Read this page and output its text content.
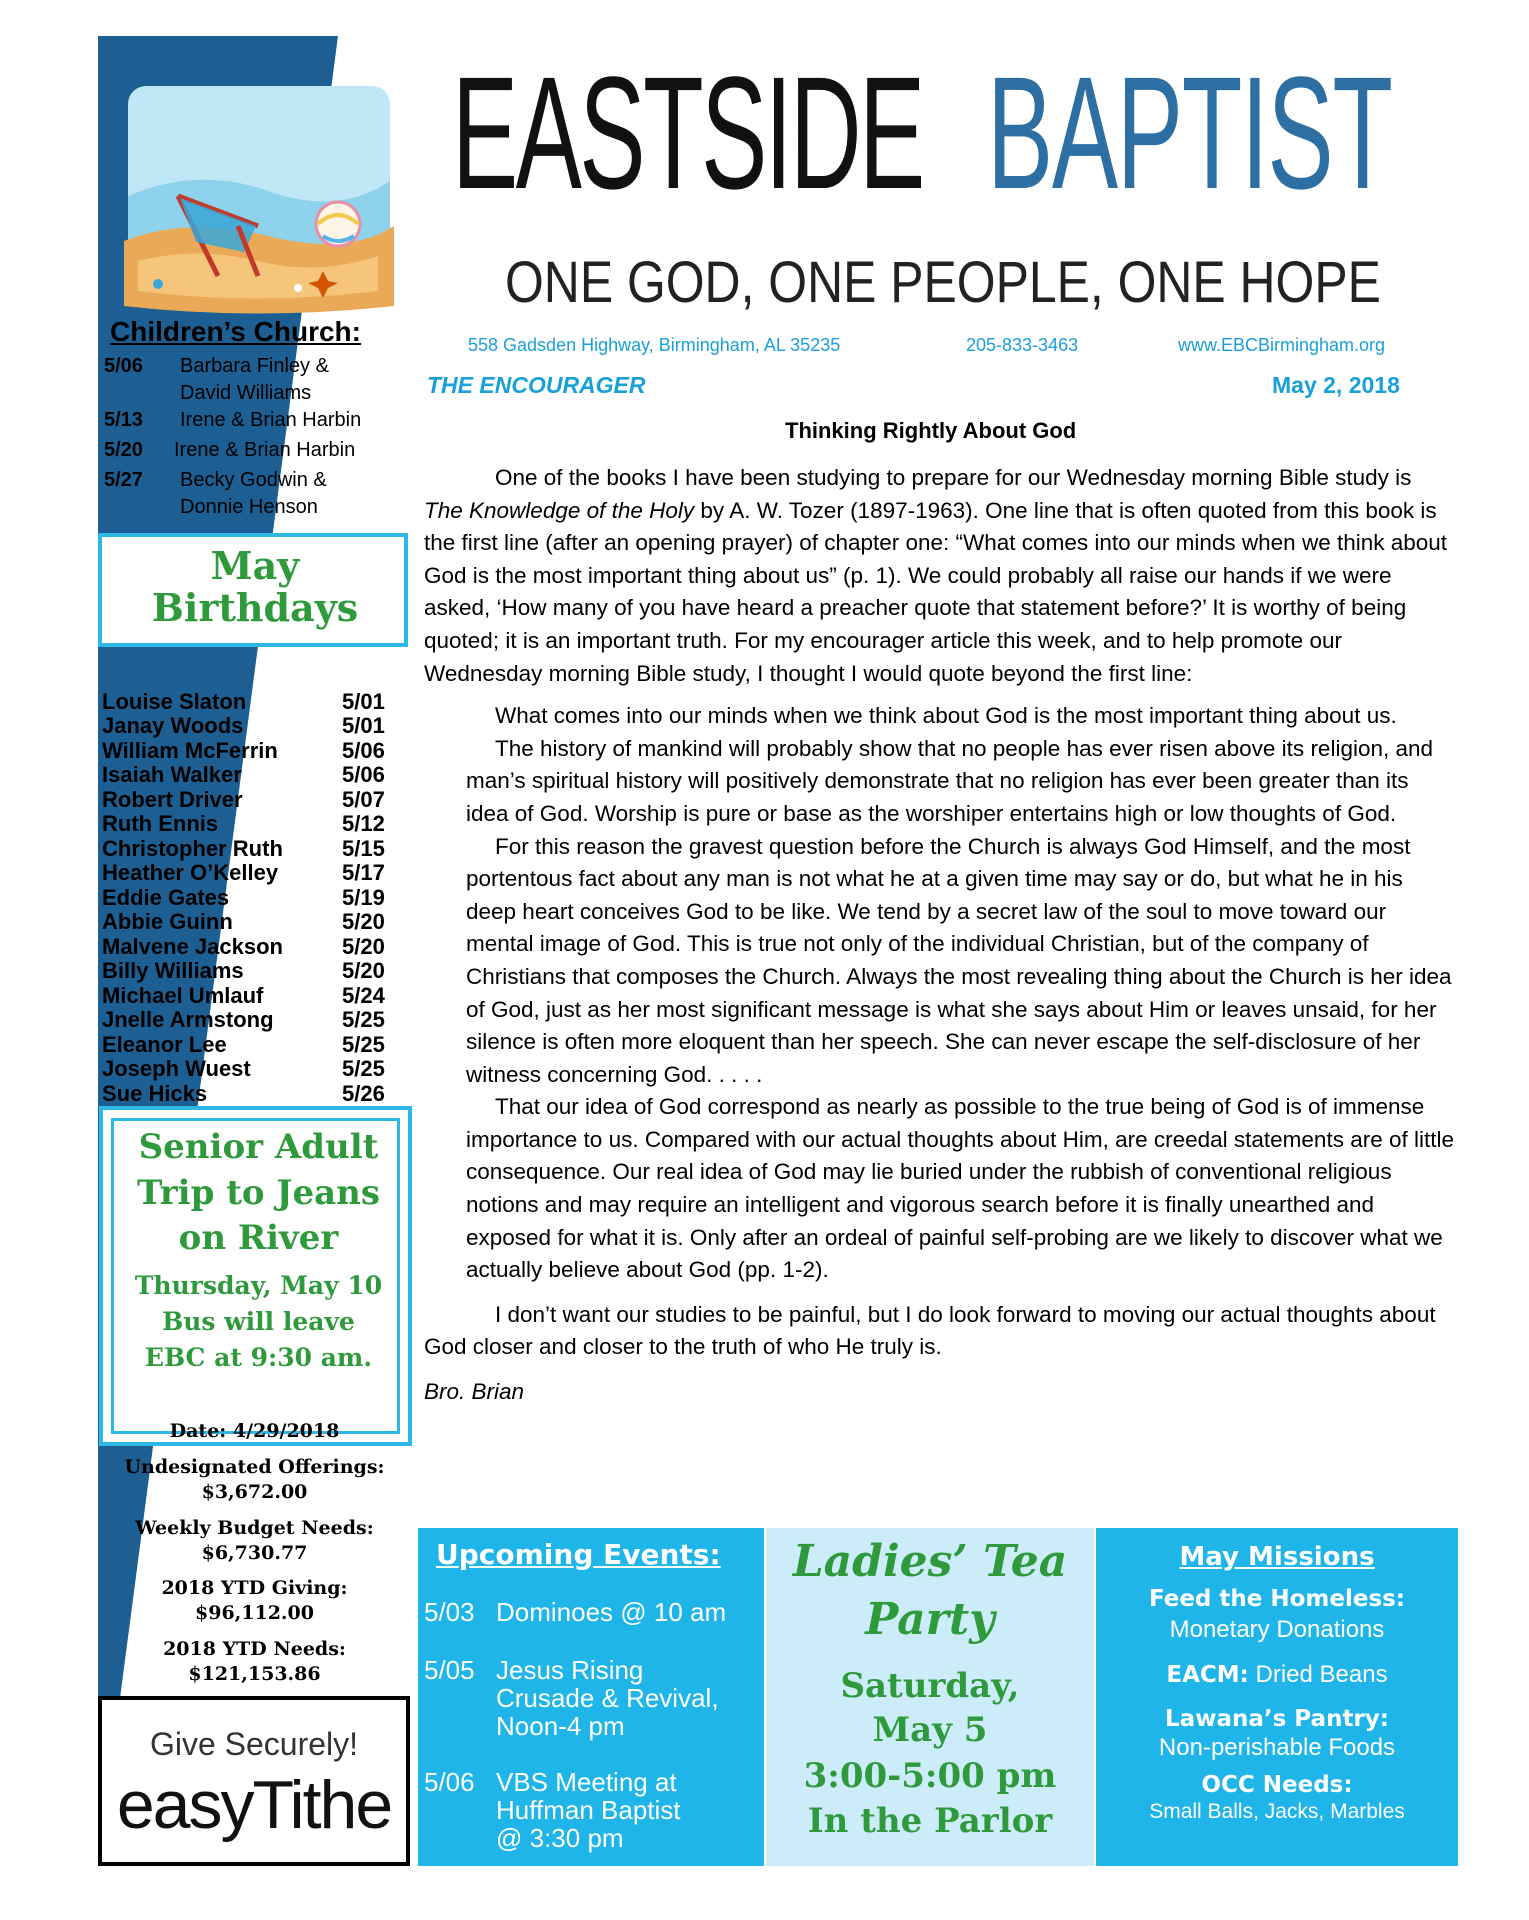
Children’s Church:
5/06 Barbara Finley &
David Williams
5/13 Irene & Brian Harbin
5/20 Irene & Brian Harbin
5/27 Becky Godwin &
Donnie Henson
May
Birthdays
Louise Slaton	5/01
Janay Woods	5/01
William McFerrin	5/06
Isaiah Walker	5/06
Robert Driver	5/07
Ruth Ennis	5/12
Christopher Ruth	5/15
Heather O’Kelley	5/17
Eddie Gates	5/19
Abbie Guinn	5/20
Malvene Jackson	5/20
Billy Williams	5/20
Michael Umlauf	5/24
Jnelle Armstong	5/25
Eleanor Lee	5/25
Joseph Wuest	5/25
Sue Hicks	5/26
Senior Adult
Trip to Jeans
on River
Thursday, May 10
Bus will leave
EBC at 9:30 am.
Date: 4/29/2018
Undesignated Offerings:
$3,672.00
Weekly Budget Needs:
$6,730.77
2018 YTD Giving:
$96,112.00
2018 YTD Needs:
$121,153.86
Give Securely!
easyTithe
EASTSIDE BAPTIST
ONE GOD, ONE PEOPLE, ONE HOPE
558 Gadsden Highway, Birmingham, AL 35235	205-833-3463	www.EBCBirmingham.org
THE ENCOURAGER	May 2, 2018
Thinking Rightly About God

One of the books I have been studying to prepare for our Wednesday morning Bible study is The Knowledge of the Holy by A. W. Tozer (1897-1963). One line that is often quoted from this book is the first line (after an opening prayer) of chapter one: “What comes into our minds when we think about God is the most important thing about us” (p. 1). We could probably all raise our hands if we were asked, ‘How many of you have heard a preacher quote that statement before?’ It is worthy of being quoted; it is an important truth. For my encourager article this week, and to help promote our Wednesday morning Bible study, I thought I would quote beyond the first line:

What comes into our minds when we think about God is the most important thing about us.

The history of mankind will probably show that no people has ever risen above its religion, and man’s spiritual history will positively demonstrate that no religion has ever been greater than its idea of God. Worship is pure or base as the worshiper entertains high or low thoughts of God.

For this reason the gravest question before the Church is always God Himself, and the most portentous fact about any man is not what he at a given time may say or do, but what he in his deep heart conceives God to be like. We tend by a secret law of the soul to move toward our mental image of God. This is true not only of the individual Christian, but of the company of Christians that composes the Church. Always the most revealing thing about the Church is her idea of God, just as her most significant message is what she says about Him or leaves unsaid, for her silence is often more eloquent than her speech. She can never escape the self-disclosure of her witness concerning God. . . . .

That our idea of God correspond as nearly as possible to the true being of God is of immense importance to us. Compared with our actual thoughts about Him, are creedal statements are of little consequence. Our real idea of God may lie buried under the rubbish of conventional religious notions and may require an intelligent and vigorous search before it is finally unearthed and exposed for what it is. Only after an ordeal of painful self-probing are we likely to discover what we actually believe about God (pp. 1-2).

I don’t want our studies to be painful, but I do look forward to moving our actual thoughts about God closer and closer to the truth of who He truly is.

Bro. Brian

Upcoming Events:
5/03 Dominoes @ 10 am
5/05 Jesus Rising
Crusade & Revival,
Noon-4 pm
5/06 VBS Meeting at
Huffman Baptist
@ 3:30 pm
Ladies’ Tea
Party
Saturday,
May 5
3:00-5:00 pm
In the Parlor
May Missions
Feed the Homeless:
Monetary Donations
EACM: Dried Beans
Lawana’s Pantry:
Non-perishable Foods
OCC Needs:
Small Balls, Jacks, Marbles
